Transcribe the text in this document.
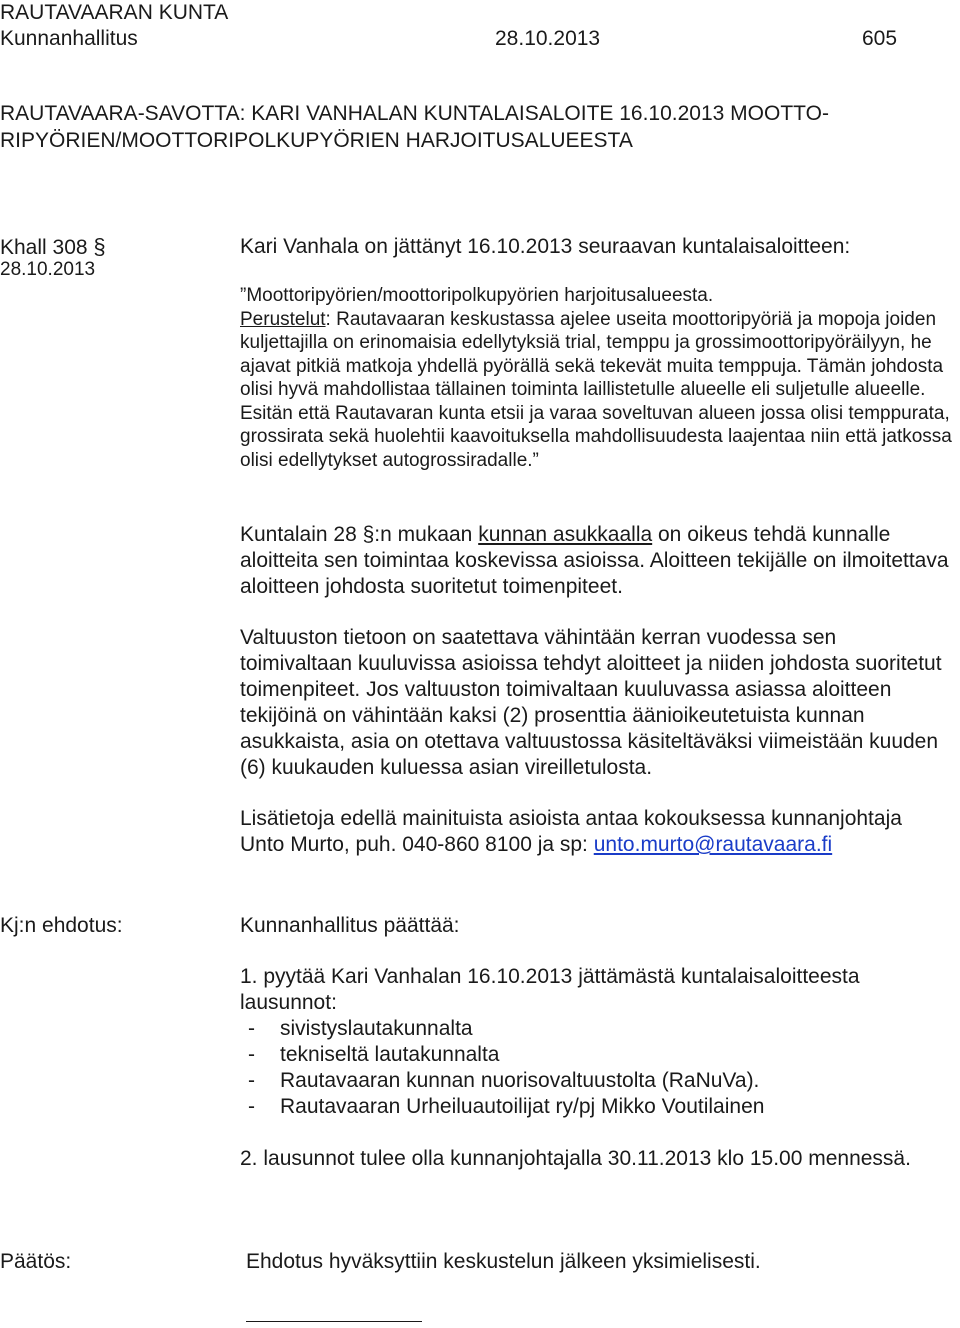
RAUTAVAARAN KUNTA
Kunnanhallitus	28.10.2013	605
RAUTAVAARA-SAVOTTA: KARI VANHALAN KUNTALAISALOITE 16.10.2013 MOOTTO-RIPYÖRIEN/MOOTTORIPOLKUPYÖRIEN HARJOITUSALUEESTA
Khall 308 §
28.10.2013
Kari Vanhala on jättänyt 16.10.2013 seuraavan kuntalaisaloitteen:

”Moottoripyörien/moottoripolkupyörien harjoitusalueesta.

Perustelut: Rautavaaran keskustassa ajelee useita moottoripyöriä ja mopoja joiden kuljettajilla on erinomaisia edellytyksiä trial, temppu ja grossimoottoripyöräilyyn, he ajavat pitkiä matkoja yhdellä pyörällä sekä tekevät muita temppuja. Tämän johdosta olisi hyvä mahdollistaa tällainen toiminta laillistetulle alueelle eli suljetulle alueelle. Esitän että Rautavaran kunta etsii ja varaa soveltuvan alueen jossa olisi temppurata, grossirata sekä huolehtii kaavoituksella mahdollisuudesta laajentaa niin että jatkossa olisi edellytykset autogrossiradalle.”

Kuntalain 28 §:n mukaan kunnan asukkaalla on oikeus tehdä kunnalle aloitteita sen toimintaa koskevissa asioissa. Aloitteen tekijälle on ilmoitettava aloitteen johdosta suoritetut toimenpiteet.
Valtuuston tietoon on saatettava vähintään kerran vuodessa sen toimivaltaan kuuluvissa asioissa tehdyt aloitteet ja niiden johdosta suoritetut toimenpiteet. Jos valtuuston toimivaltaan kuuluvassa asiassa aloitteen tekijöinä on vähintään kaksi (2) prosenttia äänioikeutetuista kunnan asukkaista, asia on otettava valtuustossa käsiteltäväksi viimeistään kuuden (6) kuukauden kuluessa asian vireilletulosta.
Lisätietoja edellä mainituista asioista antaa kokouksessa kunnanjohtaja Unto Murto, puh. 040-860 8100 ja sp: unto.murto@rautavaara.fi
Kj:n ehdotus:	Kunnanhallitus päättää:
1. pyytää Kari Vanhalan 16.10.2013 jättämästä kuntalaisaloitteesta lausunnot:
- sivistyslautakunnalta
- tekniseltä lautakunnalta
- Rautavaaran kunnan nuorisovaltuustolta (RaNuVa).
- Rautavaaran Urheiluautoilijat ry/pj Mikko Voutilainen
2. lausunnot tulee olla kunnanjohtajalla 30.11.2013 klo 15.00 mennessä.
Päätös:	Ehdotus hyväksyttiin keskustelun jälkeen yksimielisesti.
